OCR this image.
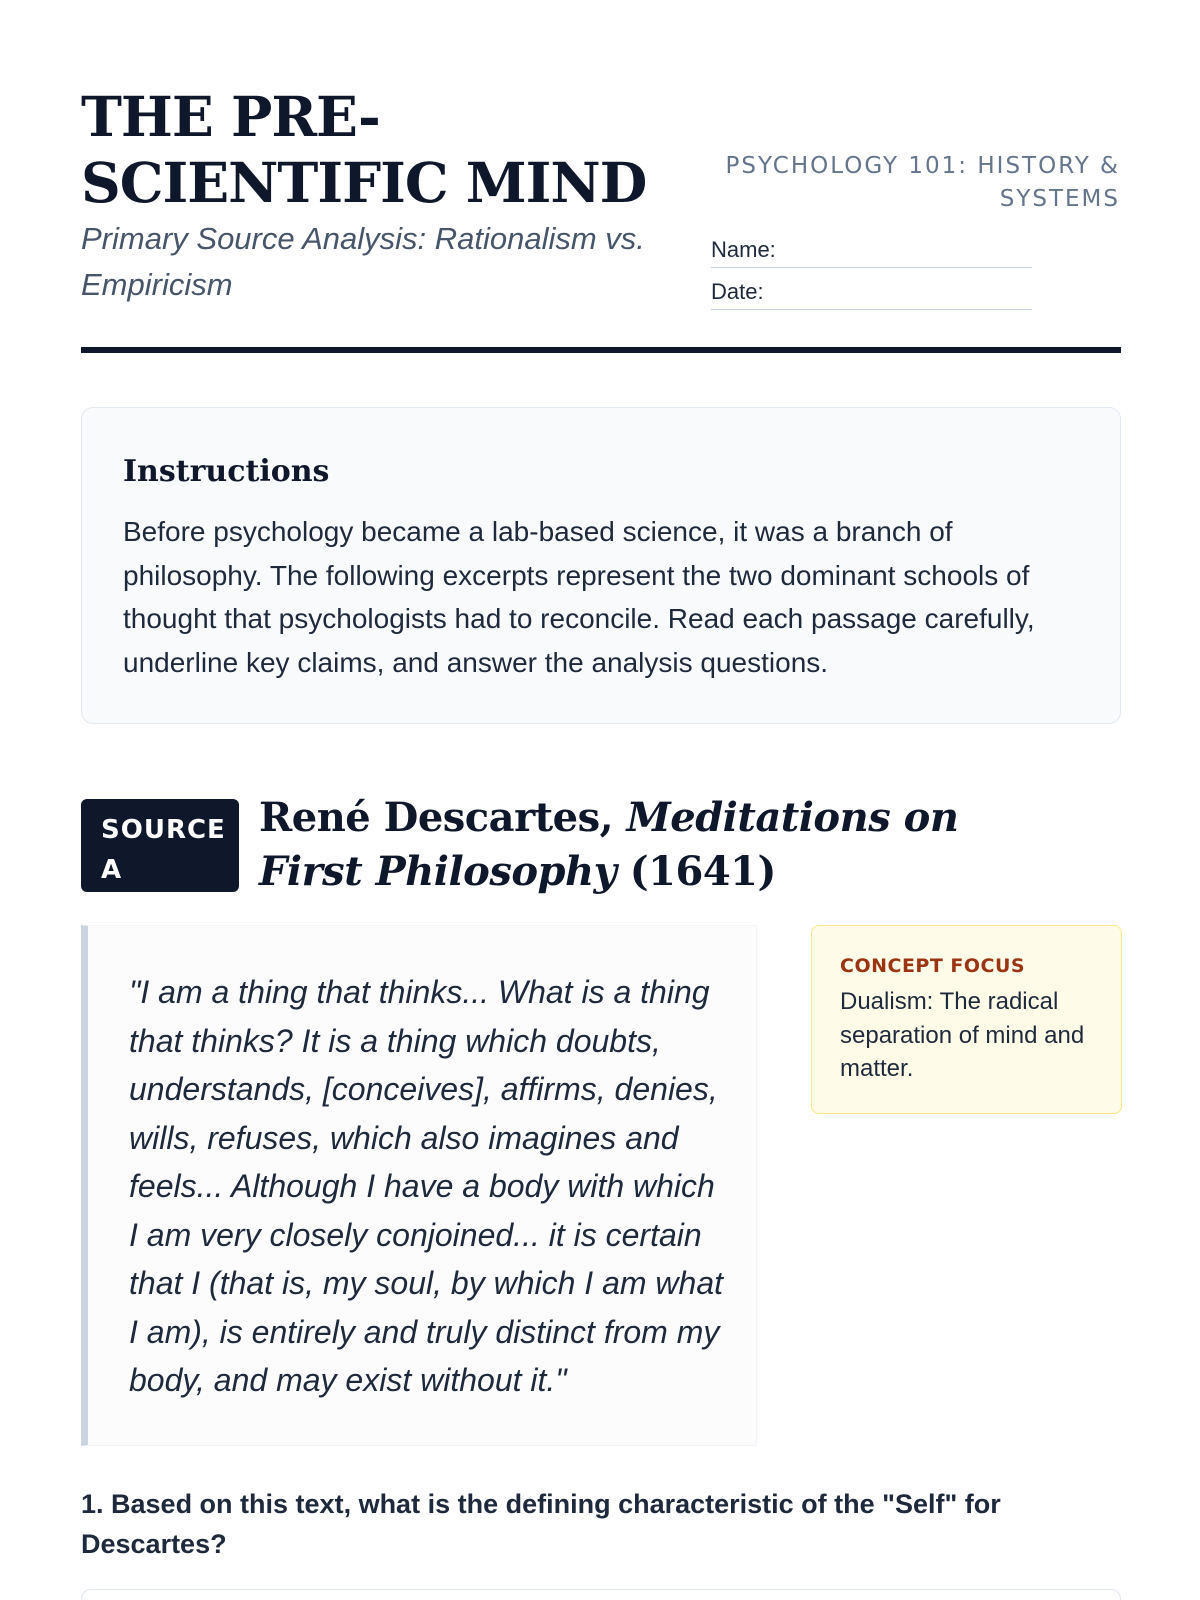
THE PRE-SCIENTIFIC MIND
Primary Source Analysis: Rationalism vs. Empiricism
PSYCHOLOGY 101: HISTORY & SYSTEMS
Name:
Date:
Instructions

Before psychology became a lab-based science, it was a branch of philosophy. The following excerpts represent the two dominant schools of thought that psychologists had to reconcile. Read each passage carefully, underline key claims, and answer the analysis questions.

SOURCE A
René Descartes, Meditations on First Philosophy (1641)

"I am a thing that thinks... What is a thing that thinks? It is a thing which doubts, understands, [conceives], affirms, denies, wills, refuses, which also imagines and feels... Although I have a body with which I am very closely conjoined... it is certain that I (that is, my soul, by which I am what I am), is entirely and truly distinct from my body, and may exist without it."

CONCEPT FOCUS
Dualism: The radical separation of mind and matter.
1. Based on this text, what is the defining characteristic of the "Self" for Descartes?
